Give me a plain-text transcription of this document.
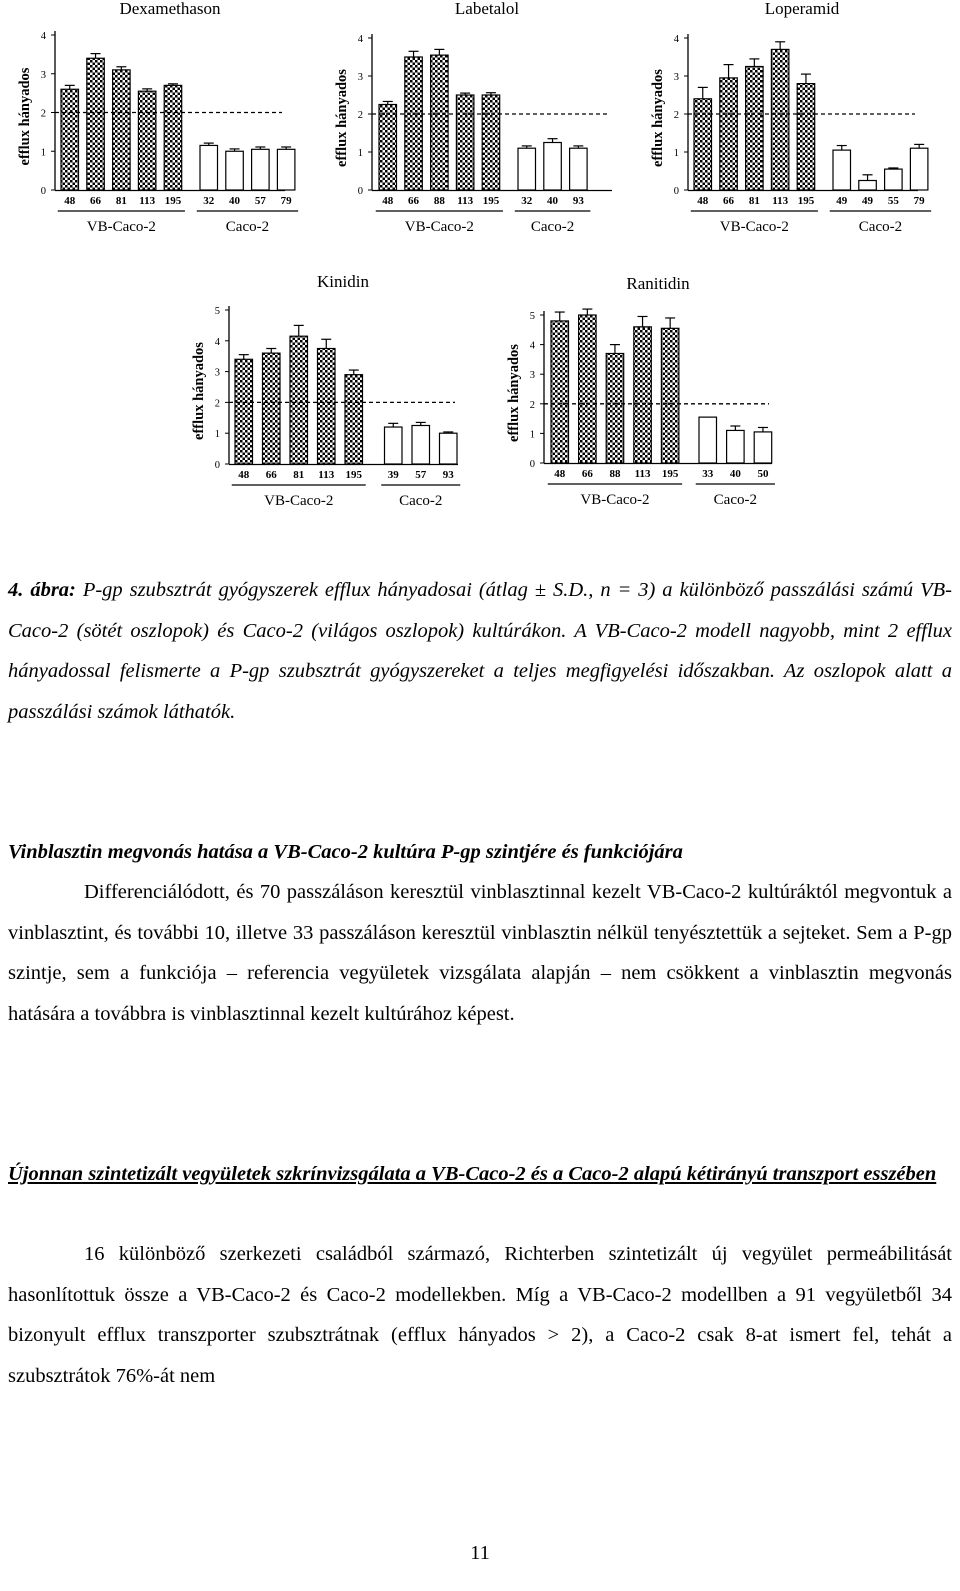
Dexamethason
0
1
2
3
4
efflux hányados
48 66 81 113 195 32 40 57 79
VB-Caco-2	Caco-2
Labetalol
0
1
2
3
4
efflux hányados
48 66 88 113 195 32 40 93
VB-Caco-2	Caco-2
Loperamid
0
1
2
3
4
efflux hányados
48 66 81 113 195 49 49 55 79
VB-Caco-2	Caco-2
Kinidin
0
1
2
3
4
5
efflux hányados
48 66 81 113 195 39 57 93
VB-Caco-2	Caco-2
Ranitidin
0
1
2
3
4
5
efflux hányados
48 66 88 113 195 33 40 50
VB-Caco-2	Caco-2
4. ábra: P-gp szubsztrát gyógyszerek efflux hányadosai (átlag ± S.D., n = 3) a különböző passzálási számú VB-Caco-2 (sötét oszlopok) és Caco-2 (világos oszlopok) kultúrákon. A VB-Caco-2 modell nagyobb, mint 2 efflux hányadossal felismerte a P-gp szubsztrát gyógyszereket a teljes megfigyelési időszakban. Az oszlopok alatt a passzálási számok láthatók.
Vinblasztin megvonás hatása a VB-Caco-2 kultúra P-gp szintjére és funkciójára

Differenciálódott, és 70 passzáláson keresztül vinblasztinnal kezelt VB-Caco-2 kultúráktól megvontuk a vinblasztint, és további 10, illetve 33 passzáláson keresztül vinblasztin nélkül tenyésztettük a sejteket. Sem a P-gp szintje, sem a funkciója – referencia vegyületek vizsgálata alapján – nem csökkent a vinblasztin megvonás hatására a továbbra is vinblasztinnal kezelt kultúrához képest.

Újonnan szintetizált vegyületek szkrínvizsgálata a VB-Caco-2 és a Caco-2 alapú kétirányú transzport esszében

16 különböző szerkezeti családból származó, Richterben szintetizált új vegyület permeábilitását hasonlítottuk össze a VB-Caco-2 és Caco-2 modellekben. Míg a VB-Caco-2 modellben a 91 vegyületből 34 bizonyult efflux transzporter szubsztrátnak (efflux hányados > 2), a Caco-2 csak 8-at ismert fel, tehát a szubsztrátok 76%-át nem

11
